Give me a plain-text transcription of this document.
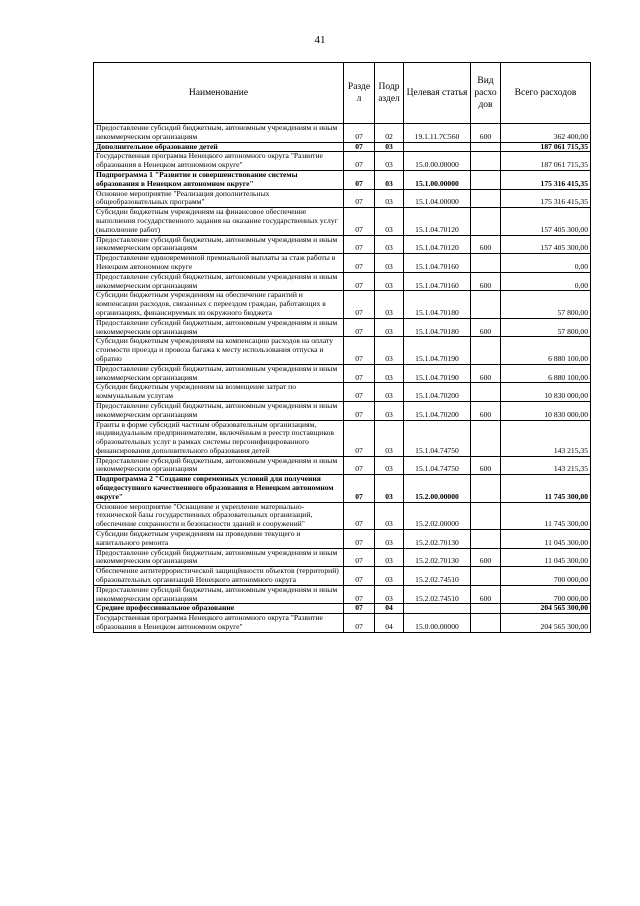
41
Наименование	Разде л	Подр аздел	Целевая статья	Вид расхо дов	Всего расходов
Предоставление субсидий бюджетным, автономным учреждениям и иным некоммерческим организациям	07	02	19.1.11.7С560	600	362 400,00
Дополнительное образование детей	07	03			187 061 715,35
Государственная программа Ненецкого автономного округа "Развитие образования в Ненецком автономном округе"	07	03	15.0.00.00000		187 061 715,35
Подпрограмма 1 "Развитие и совершенствование системы образования в Ненецком автономном округе"	07	03	15.1.00.00000		175 316 415,35
Основное мероприятие "Реализация дополнительных общеобразовательных программ"	07	03	15.1.04.00000		175 316 415,35
Субсидии бюджетным учреждениям на финансовое обеспечение выполнения государственного задания на оказание государственных услуг (выполнение работ)	07	03	15.1.04.70120		157 405 300,00
Предоставление субсидий бюджетным, автономным учреждениям и иным некоммерческим организациям	07	03	15.1.04.70120	600	157 405 300,00
Предоставление единовременной премиальной выплаты за стаж работы в Ненецком автономном округе	07	03	15.1.04.70160		0,00
Предоставление субсидий бюджетным, автономным учреждениям и иным некоммерческим организациям	07	03	15.1.04.70160	600	0,00
Субсидии бюджетным учреждениям на обеспечение гарантий и компенсации расходов, связанных с переездом граждан, работающих в организациях, финансируемых из окружного бюджета	07	03	15.1.04.70180		57 800,00
Предоставление субсидий бюджетным, автономным учреждениям и иным некоммерческим организациям	07	03	15.1.04.70180	600	57 800,00
Субсидии бюджетным учреждениям на компенсацию расходов на оплату стоимости проезда и провоза багажа к месту использования отпуска и обратно	07	03	15.1.04.70190		6 880 100,00
Предоставление субсидий бюджетным, автономным учреждениям и иным некоммерческим организациям	07	03	15.1.04.70190	600	6 880 100,00
Субсидии бюджетным учреждениям на возмещение затрат по коммунальным услугам	07	03	15.1.04.70200		10 830 000,00
Предоставление субсидий бюджетным, автономным учреждениям и иным некоммерческим организациям	07	03	15.1.04.70200	600	10 830 000,00
Гранты в форме субсидий частным образовательным организациям, индивидуальным предпринимателям, включённым в реестр поставщиков образовательных услуг в рамках системы персонифицированного финансирования дополнительного образования детей	07	03	15.1.04.74750		143 215,35
Предоставление субсидий бюджетным, автономным учреждениям и иным некоммерческим организациям	07	03	15.1.04.74750	600	143 215,35
Подпрограмма 2 "Создание современных условий для получения общедоступного качественного образования в Ненецком автономном округе"	07	03	15.2.00.00000		11 745 300,00
Основное мероприятие "Оснащение и укрепление материально-технической базы государственных образовательных организаций, обеспечение сохранности и безопасности зданий и сооружений"	07	03	15.2.02.00000		11 745 300,00
Субсидии бюджетным учреждениям на проведение текущего и капитального ремонта	07	03	15.2.02.70130		11 045 300,00
Предоставление субсидий бюджетным, автономным учреждениям и иным некоммерческим организациям	07	03	15.2.02.70130	600	11 045 300,00
Обеспечение антитеррористической защищённости объектов (территорий) образовательных организаций Ненецкого автономного округа	07	03	15.2.02.74510		700 000,00
Предоставление субсидий бюджетным, автономным учреждениям и иным некоммерческим организациям	07	03	15.2.02.74510	600	700 000,00
Среднее профессиональное образование	07	04			204 565 300,00
Государственная программа Ненецкого автономного округа "Развитие образования в Ненецком автономном округе"	07	04	15.0.00.00000		204 565 300,00
